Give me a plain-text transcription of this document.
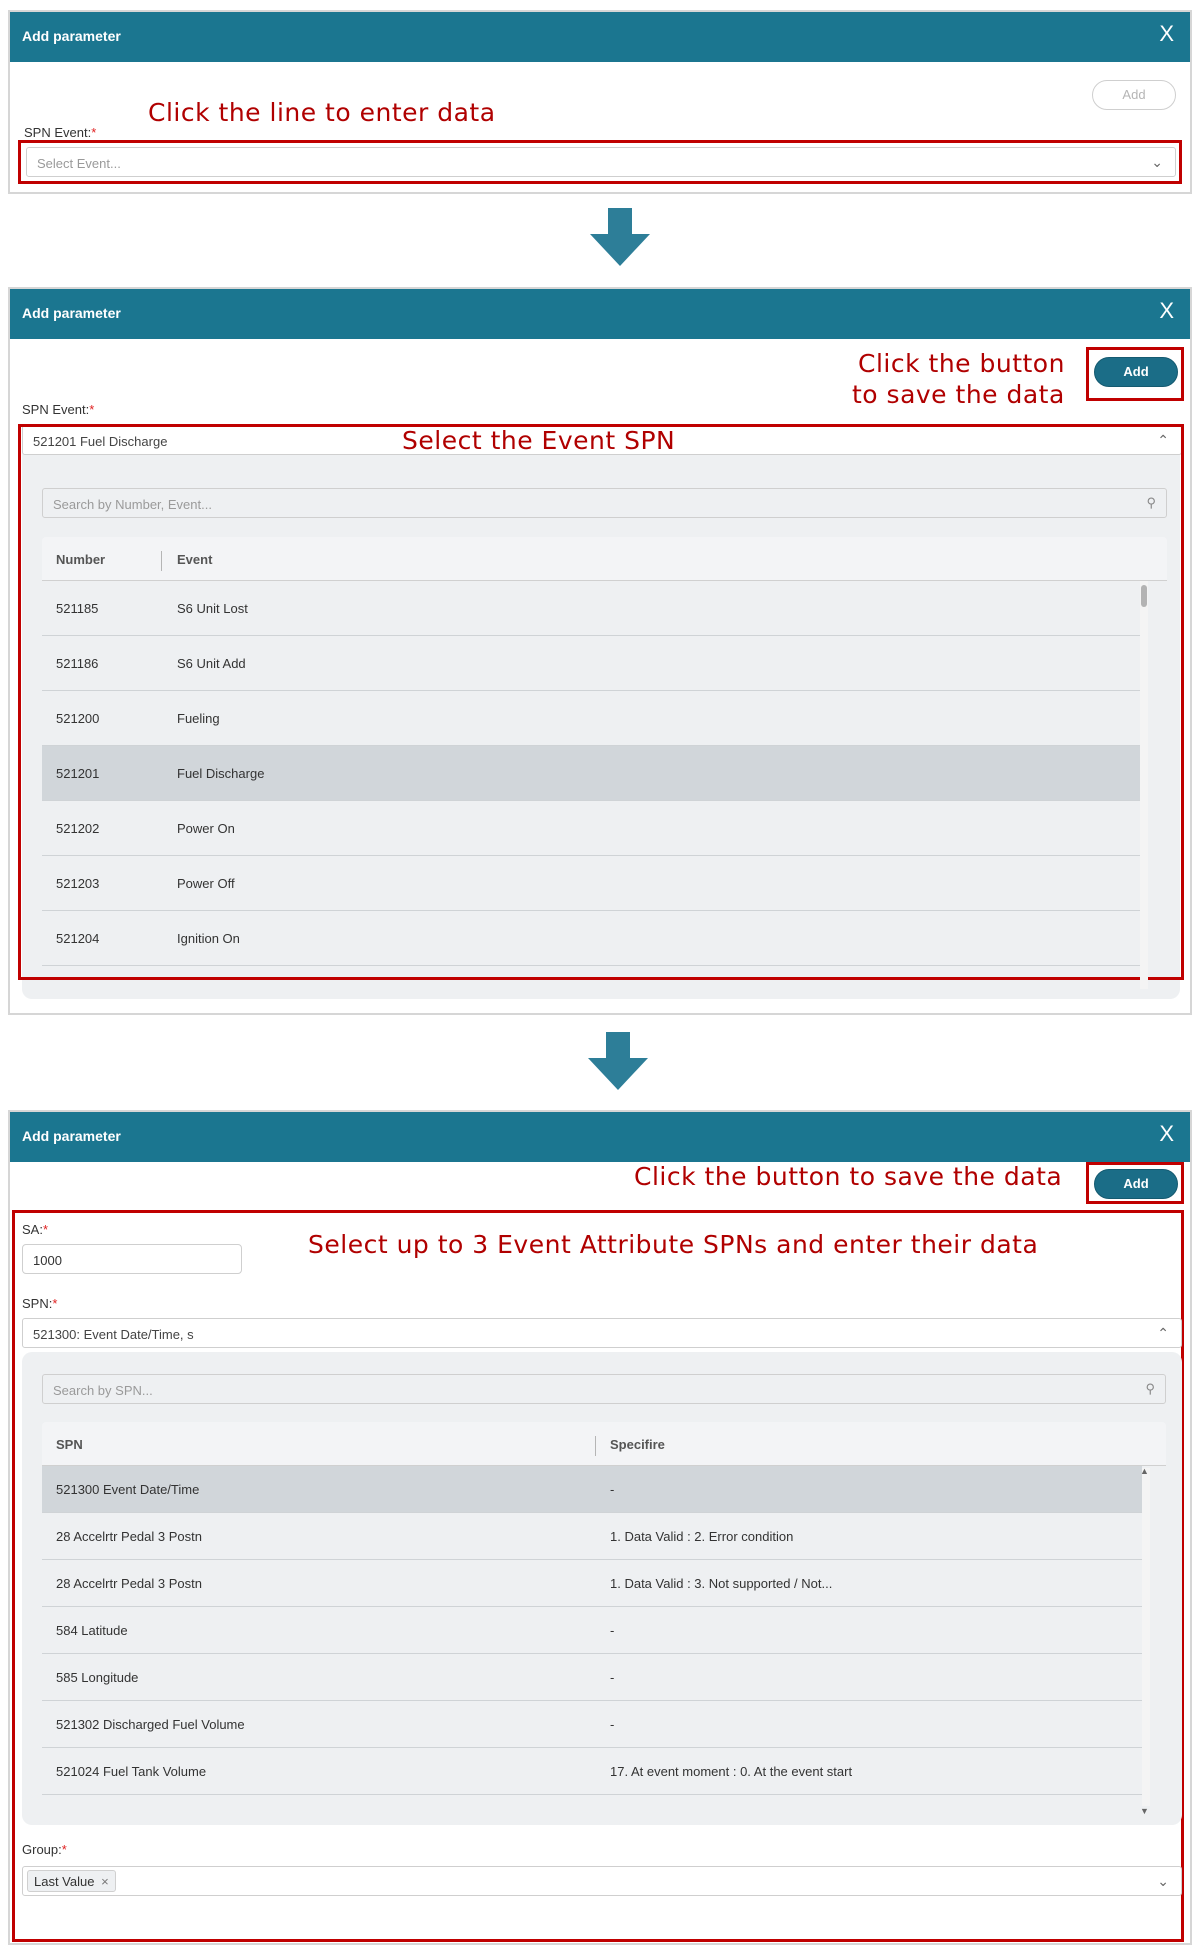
Add parameter	X
Add
Click the line to enter data
SPN Event:*
Select Event...	⌄
Add parameter	X
Click the button
to save the data
Add
SPN Event:*
521201 Fuel Discharge	⌃
Select the Event SPN
Search by Number, Event...	⚲
Number	Event
521185	S6 Unit Lost
521186	S6 Unit Add
521200	Fueling
521201	Fuel Discharge
521202	Power On
521203	Power Off
521204	Ignition On
Add parameter	X
Click the button to save the data	Add
Select up to 3 Event Attribute SPNs and enter their data
SA:*
1000
SPN:*
521300: Event Date/Time, s	⌃
Search by SPN...	⚲
SPN	Specifire
521300 Event Date/Time	-
28 Accelrtr Pedal 3 Postn	1. Data Valid : 2. Error condition
28 Accelrtr Pedal 3 Postn	1. Data Valid : 3. Not supported / Not...
584 Latitude	-
585 Longitude	-
521302 Discharged Fuel Volume	-
521024 Fuel Tank Volume	17. At event moment : 0. At the event start
▲
▼
Group:*
Last Value ×	⌄
